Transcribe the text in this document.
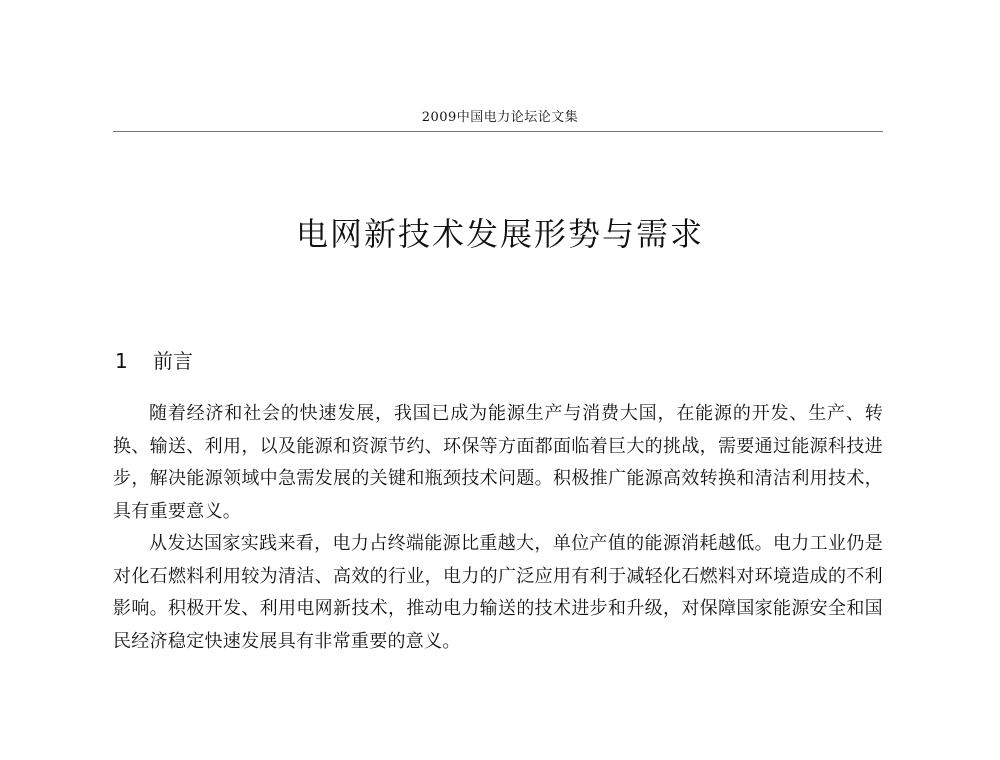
2009中国电力论坛论文集
电网新技术发展形势与需求
1 前言

随着经济和社会的快速发展，我国已成为能源生产与消费大国，在能源的开发、生产、转换、输送、利用，以及能源和资源节约、环保等方面都面临着巨大的挑战，需要通过能源科技进步，解决能源领域中急需发展的关键和瓶颈技术问题。积极推广能源高效转换和清洁利用技术，具有重要意义。

从发达国家实践来看，电力占终端能源比重越大，单位产值的能源消耗越低。电力工业仍是对化石燃料利用较为清洁、高效的行业，电力的广泛应用有利于减轻化石燃料对环境造成的不利影响。积极开发、利用电网新技术，推动电力输送的技术进步和升级，对保障国家能源安全和国民经济稳定快速发展具有非常重要的意义。
